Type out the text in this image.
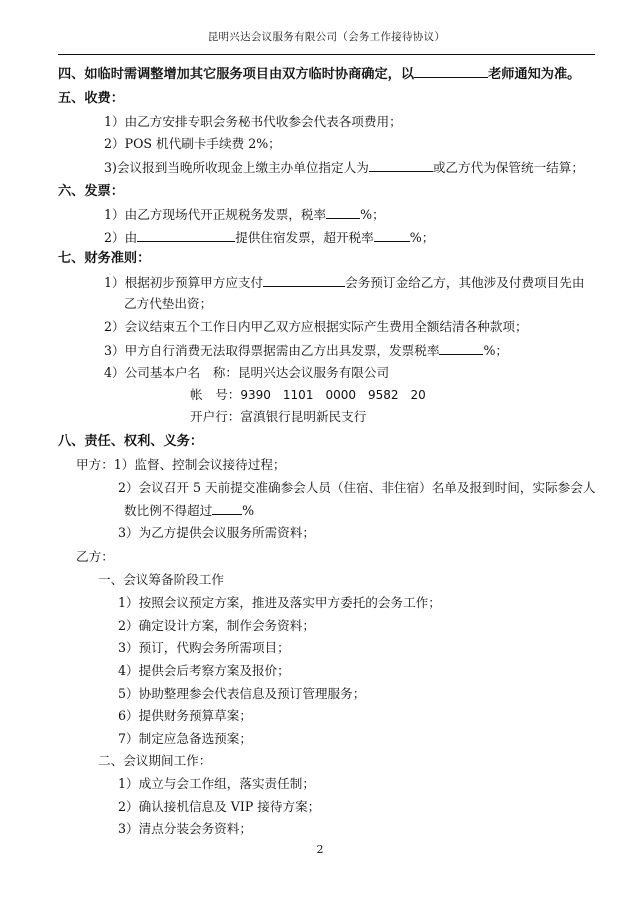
昆明兴达会议服务有限公司（会务工作接待协议）
四、如临时需调整增加其它服务项目由双方临时协商确定，以	老师通知为准。
五、收费：
1）由乙方安排专职会务秘书代收参会代表各项费用；
2）POS 机代刷卡手续费 2%；
3)会议报到当晚所收现金上缴主办单位指定人为	或乙方代为保管统一结算；
六、发票：
1）由乙方现场代开正规税务发票，税率	%；
2）由	提供住宿发票，超开税率	%；
七、财务准则：
1）根据初步预算甲方应支付	会务预订金给乙方，其他涉及付费项目先由
乙方代垫出资；
2）会议结束五个工作日内甲乙双方应根据实际产生费用全额结清各种款项；
3）甲方自行消费无法取得票据需由乙方出具发票，发票税率	%；
4）公司基本户名　称：昆明兴达会议服务有限公司
帐　号：9390　1101　0000　9582　20
开户行：富滇银行昆明新民支行
八、责任、权利、义务：
甲方：1）监督、控制会议接待过程；
2）会议召开 5 天前提交准确参会人员（住宿、非住宿）名单及报到时间，实际参会人
数比例不得超过 %
3）为乙方提供会议服务所需资料；
乙方：
一、会议筹备阶段工作
1）按照会议预定方案，推进及落实甲方委托的会务工作；
2）确定设计方案，制作会务资料；
3）预订，代购会务所需项目；
4）提供会后考察方案及报价；
5）协助整理参会代表信息及预订管理服务；
6）提供财务预算草案；
7）制定应急备选预案；
二、会议期间工作：
1）成立与会工作组，落实责任制；
2）确认接机信息及 VIP 接待方案；
3）清点分装会务资料；
2
